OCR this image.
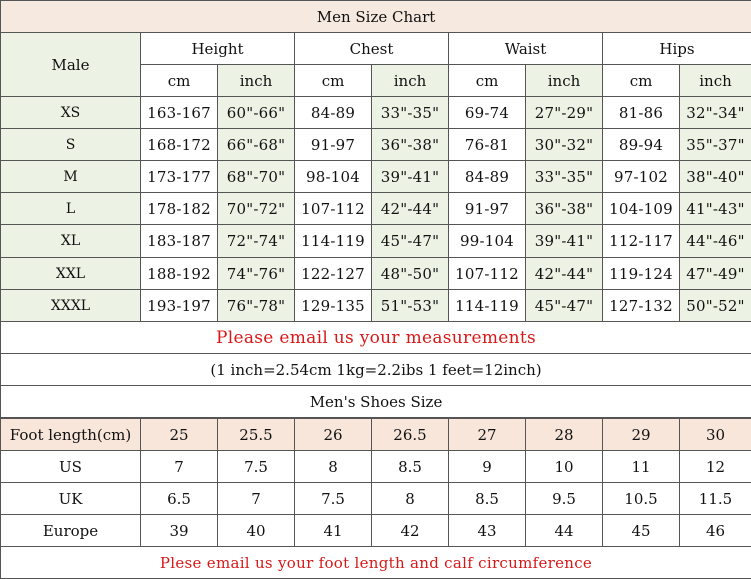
Men Size Chart								
Male	Height		Chest		Waist		Hips	
	cm	inch	cm	inch	cm	inch	cm	inch
XS	163-167	60"-66"	84-89	33"-35"	69-74	27"-29"	81-86	32"-34"
S	168-172	66"-68"	91-97	36"-38"	76-81	30"-32"	89-94	35"-37"
M	173-177	68"-70"	98-104	39"-41"	84-89	33"-35"	97-102	38"-40"
L	178-182	70"-72"	107-112	42"-44"	91-97	36"-38"	104-109	41"-43"
XL	183-187	72"-74"	114-119	45"-47"	99-104	39"-41"	112-117	44"-46"
XXL	188-192	74"-76"	122-127	48"-50"	107-112	42"-44"	119-124	47"-49"
XXXL	193-197	76"-78"	129-135	51"-53"	114-119	45"-47"	127-132	50"-52"
Please email us your measurements								
(1 inch=2.54cm 1kg=2.2ibs 1 feet=12inch)								
Men's Shoes Size								
Foot length(cm)	25	25.5	26	26.5	27	28	29	30
US	7	7.5	8	8.5	9	10	11	12
UK	6.5	7	7.5	8	8.5	9.5	10.5	11.5
Europe	39	40	41	42	43	44	45	46
Plese email us your foot length and calf circumference								
